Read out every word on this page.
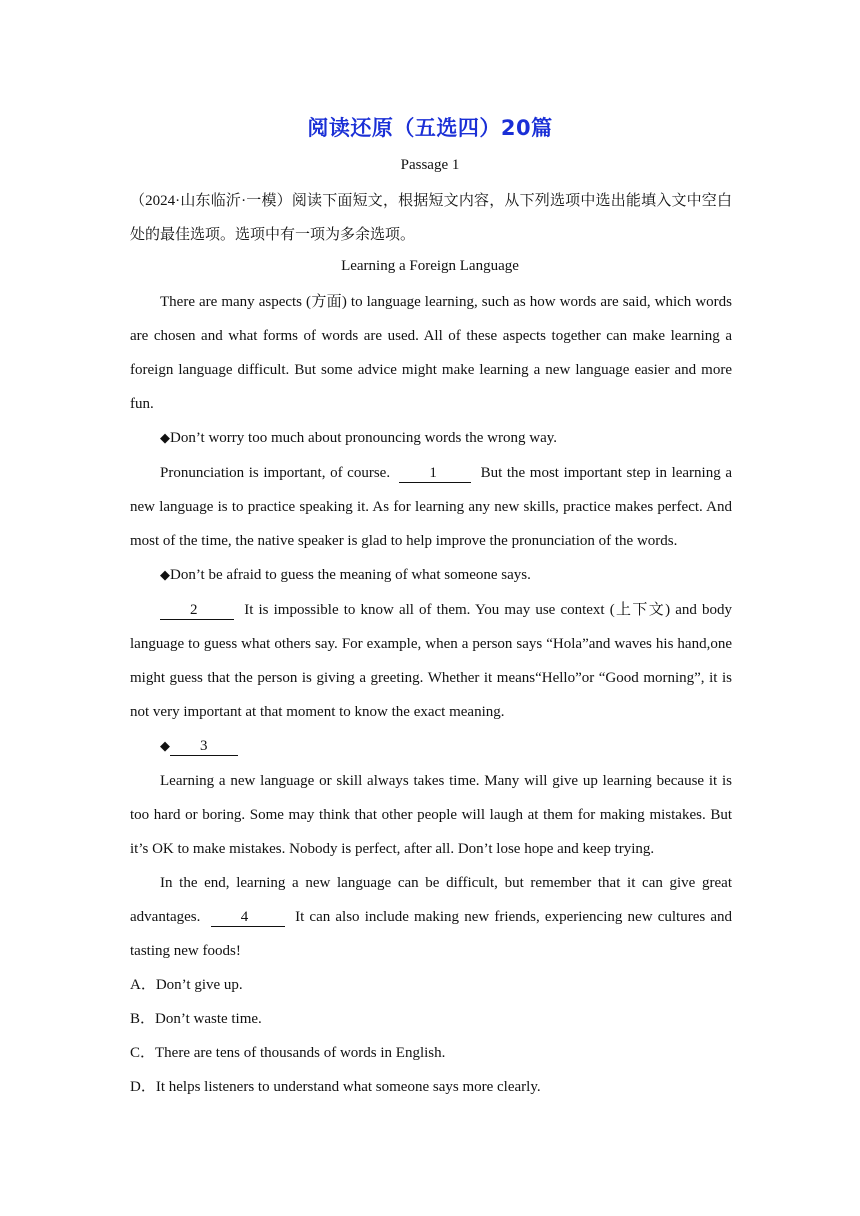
阅读还原（五选四）20篇
Passage 1

（2024·山东临沂·一模）阅读下面短文，根据短文内容，从下列选项中选出能填入文中空白处的最佳选项。选项中有一项为多余选项。

Learning a Foreign Language

There are many aspects (方面) to language learning, such as how words are said, which words are chosen and what forms of words are used. All of these aspects together can make learning a foreign language difficult. But some advice might make learning a new language easier and more fun.

◆Don’t worry too much about pronouncing words the wrong way.

Pronunciation is important, of course.	1	But the most important step in learning a new language is to practice speaking it. As for learning any new skills, practice makes perfect. And most of the time, the native speaker is glad to help improve the pronunciation of the words.

◆Don’t be afraid to guess the meaning of what someone says.

2	It is impossible to know all of them. You may use context (上下文) and body language to guess what others say. For example, when a person says “Hola”and waves his hand,one might guess that the person is giving a greeting. Whether it means“Hello”or “Good morning”, it is not very important at that moment to know the exact meaning.

◆ 3

Learning a new language or skill always takes time. Many will give up learning because it is too hard or boring. Some may think that other people will laugh at them for making mistakes. But it’s OK to make mistakes. Nobody is perfect, after all. Don’t lose hope and keep trying.

In the end, learning a new language can be difficult, but remember that it can give great advantages.	4	It can also include making new friends, experiencing new cultures and tasting new foods!

A．Don’t give up.

B．Don’t waste time.

C．There are tens of thousands of words in English.

D．It helps listeners to understand what someone says more clearly.
